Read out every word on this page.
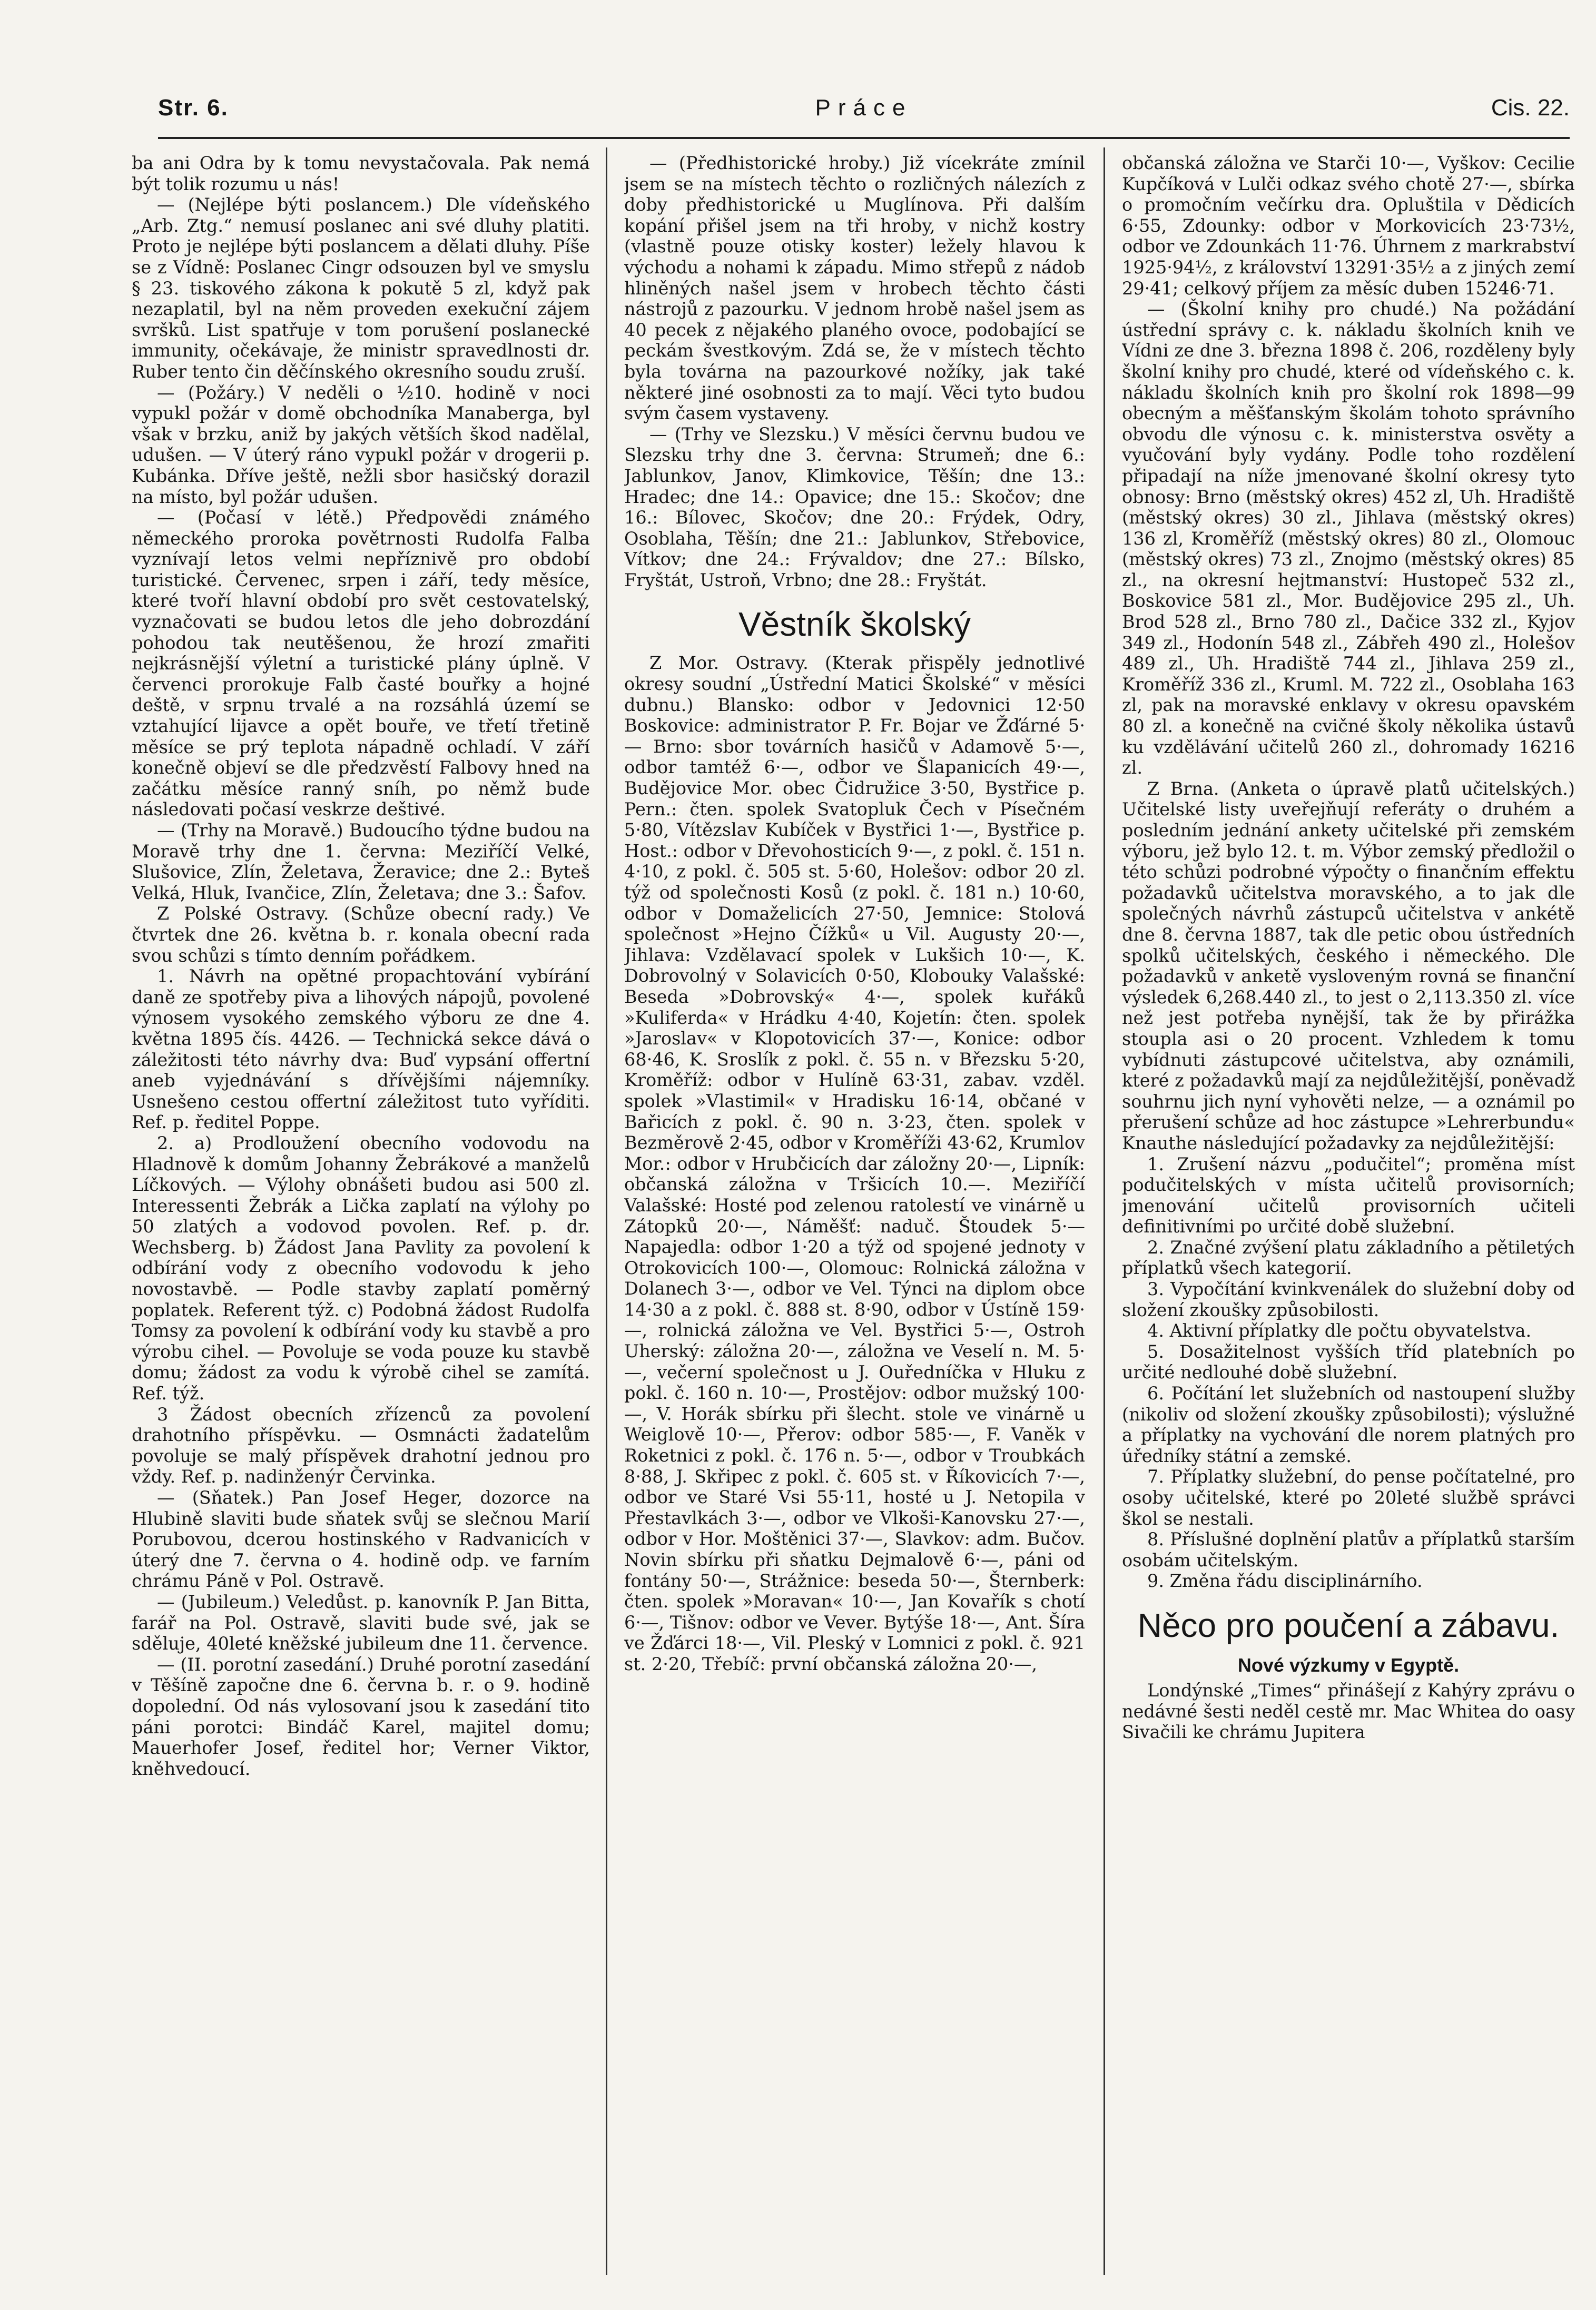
Str. 6.	Práce	Cis. 22.

ba ani Odra by k tomu nevystačovala. Pak nemá být tolik rozumu u nás!

— (Nejlépe býti poslancem.) Dle vídeňského „Arb. Ztg.“ nemusí poslanec ani své dluhy platiti. Proto je nejlépe býti poslancem a dělati dluhy. Píše se z Vídně: Poslanec Cingr odsouzen byl ve smyslu § 23. tiskového zákona k pokutě 5 zl, když pak nezaplatil, byl na něm proveden exekuční zájem svršků. List spatřuje v tom porušení poslanecké immunity, očekávaje, že ministr spravedlnosti dr. Ruber tento čin děčínského okresního soudu zruší.

— (Požáry.) V neděli o ½10. hodině v noci vypukl požár v domě obchodníka Manaberga, byl však v brzku, aniž by jakých větších škod nadělal, udušen. — V úterý ráno vypukl požár v drogerii p. Kubánka. Dříve ještě, nežli sbor hasičský dorazil na místo, byl požár udušen.

— (Počasí v létě.) Předpovědi známého německého proroka povětrnosti Rudolfa Falba vyznívají letos velmi nepříznivě pro období turistické. Červenec, srpen i září, tedy měsíce, které tvoří hlavní období pro svět cestovatelský, vyznačovati se budou letos dle jeho dobrozdání pohodou tak neutěšenou, že hrozí zmařiti nejkrásnější výletní a turistické plány úplně. V červenci prorokuje Falb časté bouřky a hojné deště, v srpnu trvalé a na rozsáhlá území se vztahující lijavce a opět bouře, ve třetí třetině měsíce se prý teplota nápadně ochladí. V září konečně objeví se dle předzvěstí Falbovy hned na začátku měsíce ranný sníh, po němž bude následovati počasí veskrze deštivé.

— (Trhy na Moravě.) Budoucího týdne budou na Moravě trhy dne 1. června: Meziříčí Velké, Slušovice, Zlín, Želetava, Žeravice; dne 2.: Byteš Velká, Hluk, Ivančice, Zlín, Želetava; dne 3.: Šafov.

Z Polské Ostravy. (Schůze obecní rady.) Ve čtvrtek dne 26. května b. r. konala obecní rada svou schůzi s tímto denním pořádkem.

1. Návrh na opětné propachtování vybírání daně ze spotřeby piva a lihových nápojů, povolené výnosem vysokého zemského výboru ze dne 4. května 1895 čís. 4426. — Technická sekce dává o záležitosti této návrhy dva: Buď vypsání offertní aneb vyjednávání s dřívějšími nájemníky. Usnešeno cestou offertní záležitost tuto vyříditi. Ref. p. ředitel Poppe.

2. a) Prodloužení obecního vodovodu na Hladnově k domům Johanny Žebrákové a manželů Líčkových. — Výlohy obnášeti budou asi 500 zl. Interessenti Žebrák a Lička zaplatí na výlohy po 50 zlatých a vodovod povolen. Ref. p. dr. Wechsberg. b) Žádost Jana Pavlity za povolení k odbírání vody z obecního vodovodu k jeho novostavbě. — Podle stavby zaplatí poměrný poplatek. Referent týž. c) Podobná žádost Rudolfa Tomsy za povolení k odbírání vody ku stavbě a pro výrobu cihel. — Povoluje se voda pouze ku stavbě domu; žádost za vodu k výrobě cihel se zamítá. Ref. týž.

3 Žádost obecních zřízenců za povolení drahotního příspěvku. — Osmnácti žadatelům povoluje se malý příspěvek drahotní jednou pro vždy. Ref. p. nadinženýr Červinka.

— (Sňatek.) Pan Josef Heger, dozorce na Hlubině slaviti bude sňatek svůj se slečnou Marií Porubovou, dcerou hostinského v Radvanicích v úterý dne 7. června o 4. hodině odp. ve farním chrámu Páně v Pol. Ostravě.

— (Jubileum.) Veledůst. p. kanovník P. Jan Bitta, farář na Pol. Ostravě, slaviti bude své, jak se sděluje, 40leté kněžské jubileum dne 11. července.

— (II. porotní zasedání.) Druhé porotní zasedání v Těšíně započne dne 6. června b. r. o 9. hodině dopolední. Od nás vylosovaní jsou k zasedání tito páni porotci: Bindáč Karel, majitel domu; Mauerhofer Josef, ředitel hor; Verner Viktor, kněhvedoucí.

— (Předhistorické hroby.) Již vícekráte zmínil jsem se na místech těchto o rozličných nálezích z doby předhistorické u Muglínova. Při dalším kopání přišel jsem na tři hroby, v nichž kostry (vlastně pouze otisky koster) ležely hlavou k východu a nohami k západu. Mimo střepů z nádob hliněných našel jsem v hrobech těchto části nástrojů z pazourku. V jednom hrobě našel jsem as 40 pecek z nějakého planého ovoce, podobající se peckám švestkovým. Zdá se, že v místech těchto byla továrna na pazourkové nožíky, jak také některé jiné osobnosti za to mají. Věci tyto budou svým časem vystaveny.

— (Trhy ve Slezsku.) V měsíci červnu budou ve Slezsku trhy dne 3. června: Strumeň; dne 6.: Jablunkov, Janov, Klimkovice, Těšín; dne 13.: Hradec; dne 14.: Opavice; dne 15.: Skočov; dne 16.: Bílovec, Skočov; dne 20.: Frýdek, Odry, Osoblaha, Těšín; dne 21.: Jablunkov, Střebovice, Vítkov; dne 24.: Frývaldov; dne 27.: Bílsko, Fryštát, Ustroň, Vrbno; dne 28.: Fryštát.

Věstník školský

Z Mor. Ostravy. (Kterak přispěly jednotlivé okresy soudní „Ústřední Matici Školské“ v měsíci dubnu.) Blansko: odbor v Jedovnici 12·50 Boskovice: administrator P. Fr. Bojar ve Žďárné 5·— Brno: sbor továrních hasičů v Adamově 5·—, odbor tamtéž 6·—, odbor ve Šlapanicích 49·—, Budějovice Mor. obec Čidružice 3·50, Bystřice p. Pern.: čten. spolek Svatopluk Čech v Písečném 5·80, Vítězslav Kubíček v Bystřici 1·—, Bystřice p. Host.: odbor v Dřevohosticích 9·—, z pokl. č. 151 n. 4·10, z pokl. č. 505 st. 5·60, Holešov: odbor 20 zl. týž od společnosti Kosů (z pokl. č. 181 n.) 10·60, odbor v Domaželicích 27·50, Jemnice: Stolová společnost »Hejno Čížků« u Vil. Augusty 20·—, Jihlava: Vzdělavací spolek v Lukšich 10·—, K. Dobrovolný v Solavicích 0·50, Klobouky Valašské: Beseda »Dobrovský« 4·—, spolek kuřáků »Kuliferda« v Hrádku 4·40, Kojetín: čten. spolek »Jaroslav« v Klopotovicích 37·—, Konice: odbor 68·46, K. Sroslík z pokl. č. 55 n. v Březsku 5·20, Kroměříž: odbor v Hulíně 63·31, zabav. vzděl. spolek »Vlastimil« v Hradisku 16·14, občané v Bařicích z pokl. č. 90 n. 3·23, čten. spolek v Bezměrově 2·45, odbor v Kroměříži 43·62, Krumlov Mor.: odbor v Hrubčicích dar záložny 20·—, Lipník: občanská záložna v Tršicích 10.—. Meziříčí Valašské: Hosté pod zelenou ratolestí ve vinárně u Zátopků 20·—, Náměšť: naduč. Štoudek 5·— Napajedla: odbor 1·20 a týž od spojené jednoty v Otrokovicích 100·—, Olomouc: Rolnická záložna v Dolanech 3·—, odbor ve Vel. Týnci na diplom obce 14·30 a z pokl. č. 888 st. 8·90, odbor v Ústíně 159·—, rolnická záložna ve Vel. Bystřici 5·—, Ostroh Uherský: záložna 20·—, záložna ve Veselí n. M. 5·—, večerní společnost u J. Ouředníčka v Hluku z pokl. č. 160 n. 10·—, Prostějov: odbor mužský 100·—, V. Horák sbírku při šlecht. stole ve vinárně u Weiglově 10·—, Přerov: odbor 585·—, F. Vaněk v Roketnici z pokl. č. 176 n. 5·—, odbor v Troubkách 8·88, J. Skřipec z pokl. č. 605 st. v Říkovicích 7·—, odbor ve Staré Vsi 55·11, hosté u J. Netopila v Přestavlkách 3·—, odbor ve Vlkoši-Kanovsku 27·—, odbor v Hor. Moštěnici 37·—, Slavkov: adm. Bučov. Novin sbírku při sňatku Dejmalově 6·—, páni od fontány 50·—, Strážnice: beseda 50·—, Šternberk: čten. spolek »Moravan« 10·—, Jan Kovařík s chotí 6·—, Tišnov: odbor ve Vever. Bytýše 18·—, Ant. Šíra ve Žďárci 18·—, Vil. Pleský v Lomnici z pokl. č. 921 st. 2·20, Třebíč: první občanská záložna 20·—,

občanská záložna ve Starči 10·—, Vyškov: Cecilie Kupčíková v Lulči odkaz svého chotě 27·—, sbírka o promočním večírku dra. Opluštila v Dědicích 6·55, Zdounky: odbor v Morkovicích 23·73½, odbor ve Zdounkách 11·76. Úhrnem z markrabství 1925·94½, z království 13291·35½ a z jiných zemí 29·41; celkový příjem za měsíc duben 15246·71.

— (Školní knihy pro chudé.) Na požádání ústřední správy c. k. nákladu školních knih ve Vídni ze dne 3. března 1898 č. 206, rozděleny byly školní knihy pro chudé, které od vídeňského c. k. nákladu školních knih pro školní rok 1898—99 obecným a měšťanským školám tohoto správního obvodu dle výnosu c. k. ministerstva osvěty a vyučování byly vydány. Podle toho rozdělení připadají na níže jmenované školní okresy tyto obnosy: Brno (městský okres) 452 zl, Uh. Hradiště (městský okres) 30 zl., Jihlava (městský okres) 136 zl, Kroměříž (městský okres) 80 zl., Olomouc (městský okres) 73 zl., Znojmo (městský okres) 85 zl., na okresní hejtmanství: Hustopeč 532 zl., Boskovice 581 zl., Mor. Budějovice 295 zl., Uh. Brod 528 zl., Brno 780 zl., Dačice 332 zl., Kyjov 349 zl., Hodonín 548 zl., Zábřeh 490 zl., Holešov 489 zl., Uh. Hradiště 744 zl., Jihlava 259 zl., Kroměříž 336 zl., Kruml. M. 722 zl., Osoblaha 163 zl, pak na moravské enklavy v okresu opavském 80 zl. a konečně na cvičné školy několika ústavů ku vzdělávání učitelů 260 zl., dohromady 16216 zl.

Z Brna. (Anketa o úpravě platů učitelských.) Učitelské listy uveřejňují referáty o druhém a posledním jednání ankety učitelské při zemském výboru, jež bylo 12. t. m. Výbor zemský předložil o této schůzi podrobné výpočty o finančním effektu požadavků učitelstva moravského, a to jak dle společných návrhů zástupců učitelstva v ankétě dne 8. června 1887, tak dle petic obou ústředních spolků učitelských, českého i německého. Dle požadavků v anketě vysloveným rovná se finanční výsledek 6,268.440 zl., to jest o 2,113.350 zl. více než jest potřeba nynější, tak že by přirážka stoupla asi o 20 procent. Vzhledem k tomu vybídnuti zástupcové učitelstva, aby oznámili, které z požadavků mají za nejdůležitější, poněvadž souhrnu jich nyní vyhověti nelze, — a oznámil po přerušení schůze ad hoc zástupce »Lehrerbundu« Knauthe následující požadavky za nejdůležitější:

1. Zrušení názvu „podučitel“; proměna míst podučitelských v místa učitelů provisorních; jmenování učitelů provisorních učiteli definitivními po určité době služební.

2. Značné zvýšení platu základního a pětiletých příplatků všech kategorií.

3. Vypočítání kvinkvenálek do služební doby od složení zkoušky způsobilosti.

4. Aktivní příplatky dle počtu obyvatelstva.

5. Dosažitelnost vyšších tříd platebních po určité nedlouhé době služební.

6. Počítání let služebních od nastoupení služby (nikoliv od složení zkoušky způsobilosti); výslužné a příplatky na vychování dle norem platných pro úředníky státní a zemské.

7. Příplatky služební, do pense počítatelné, pro osoby učitelské, které po 20leté službě správci škol se nestali.

8. Příslušné doplnění platův a příplatků starším osobám učitelským.

9. Změna řádu disciplinárního.

Něco pro poučení a zábavu.
Nové výzkumy v Egyptě.

Londýnské „Times“ přinášejí z Kahýry zprávu o nedávné šesti neděl cestě mr. Mac Whitea do oasy Sivačili ke chrámu Jupitera
